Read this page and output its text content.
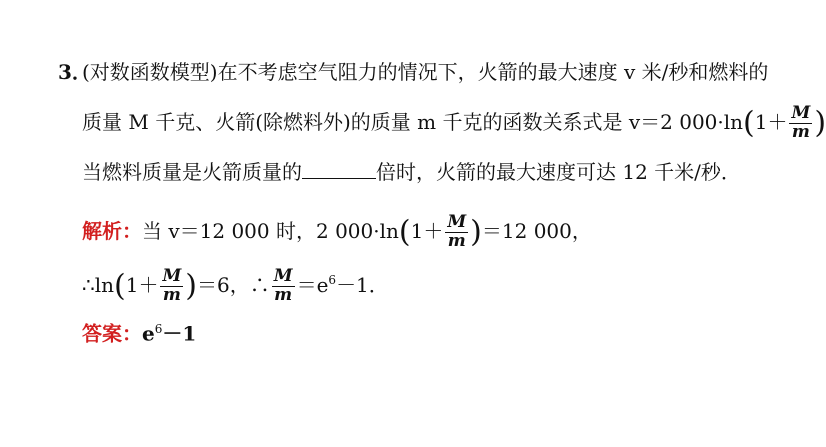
3．
(对数函数模型)在不考虑空气阻力的情况下，火箭的最大速度 v 米/秒和燃料的
质量 M 千克、火箭(除燃料外)的质量 m 千克的函数关系式是 v＝2 $000\cdot\ln(1+ \frac{M}{m}$ )
当燃料质量是火箭质量的	倍时，火箭的最大速度可达 12 千米/秒．
解析：当 v＝12 000 时，2 $000\cdot\ln(1+ \frac{M}{m} )=12$ 000，
∴ln(1＋ $\frac{M}{m} )=6$，∴ $\frac{M}{m} =e^6-1$．
答案：$e^6-1$
